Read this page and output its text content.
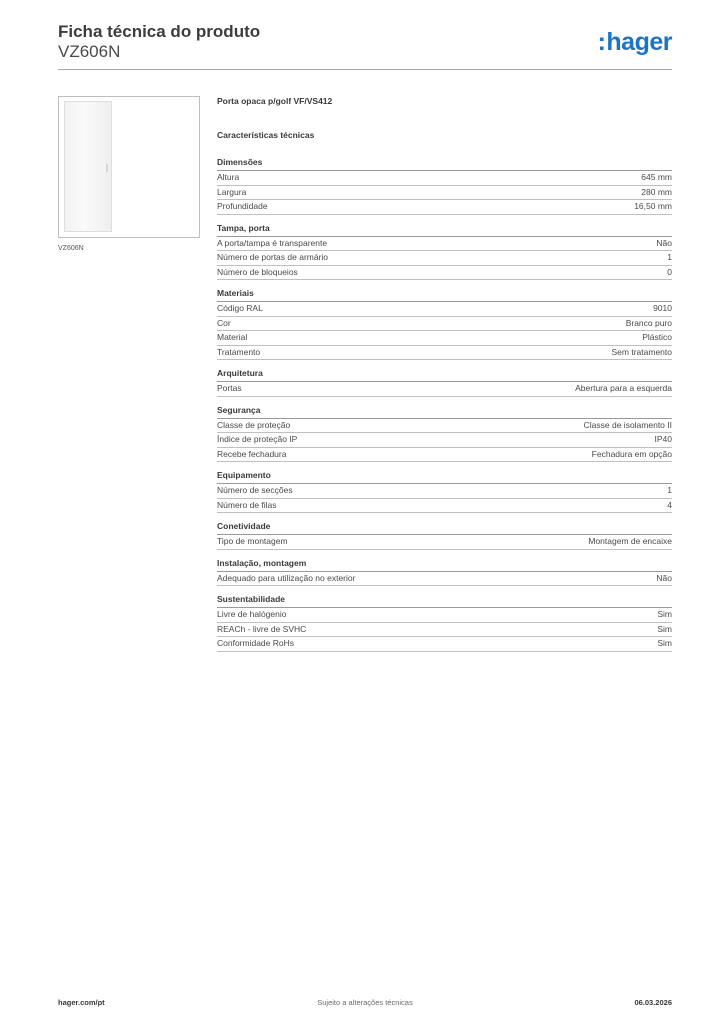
Ficha técnica do produto
VZ606N	:hager
VZ606N
Porta opaca p/golf VF/VS412
Características técnicas
Dimensões
Altura	645 mm
Largura	280 mm
Profundidade	16,50 mm
Tampa, porta
A porta/tampa é transparente	Não
Número de portas de armário	1
Número de bloqueios	0
Materiais
Código RAL	9010
Cor	Branco puro
Material	Plástico
Tratamento	Sem tratamento
Arquitetura
Portas	Abertura para a esquerda
Segurança
Classe de proteção	Classe de isolamento II
Índice de proteção IP	IP40
Recebe fechadura	Fechadura em opção
Equipamento
Número de secções	1
Número de filas	4
Conetividade
Tipo de montagem	Montagem de encaixe
Instalação, montagem
Adequado para utilização no exterior	Não
Sustentabilidade
Livre de halógenio	Sim
REACh - livre de SVHC	Sim
Conformidade RoHs	Sim
hager.com/pt	Sujeito a alterações técnicas	06.03.2026
